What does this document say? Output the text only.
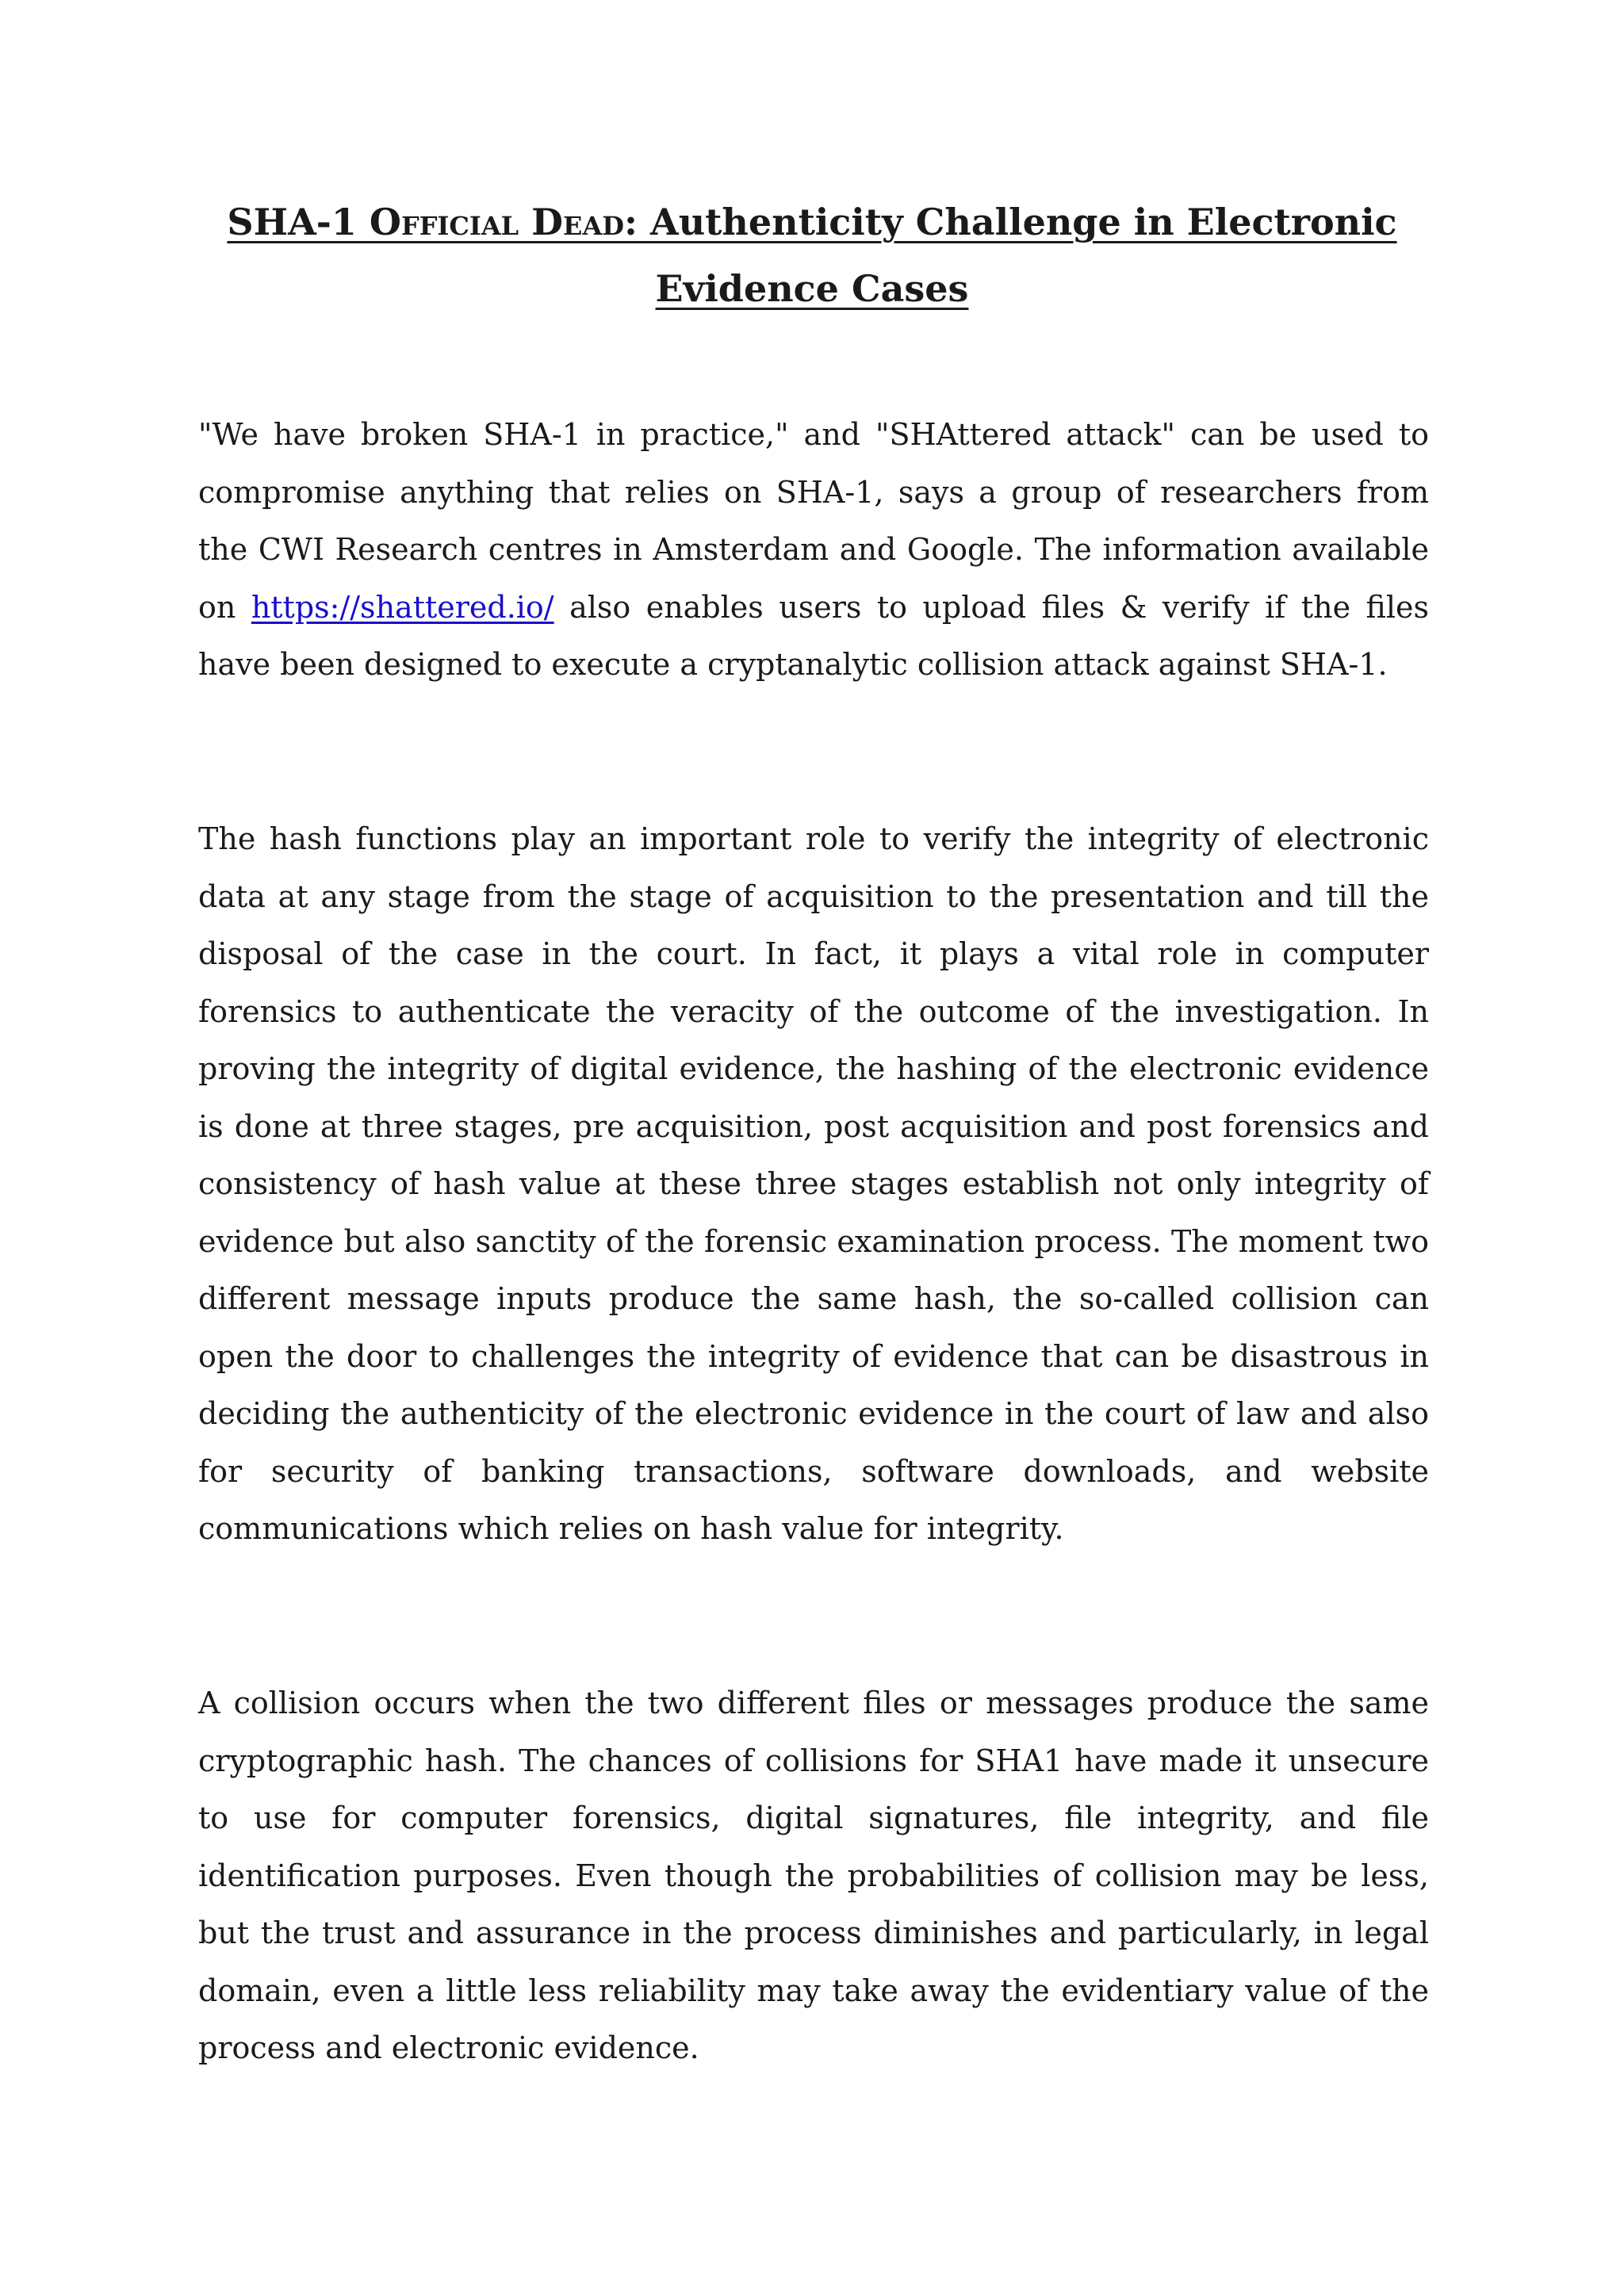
SHA-1 Official Dead: Authenticity Challenge in Electronic Evidence Cases

"We have broken SHA-1 in practice," and "SHAttered attack" can be used to compromise anything that relies on SHA-1, says a group of researchers from the CWI Research centres in Amsterdam and Google. The information available on https://shattered.io/ also enables users to upload files & verify if the files have been designed to execute a cryptanalytic collision attack against SHA-1.

The hash functions play an important role to verify the integrity of electronic data at any stage from the stage of acquisition to the presentation and till the disposal of the case in the court. In fact, it plays a vital role in computer forensics to authenticate the veracity of the outcome of the investigation. In proving the integrity of digital evidence, the hashing of the electronic evidence is done at three stages, pre acquisition, post acquisition and post forensics and consistency of hash value at these three stages establish not only integrity of evidence but also sanctity of the forensic examination process. The moment two different message inputs produce the same hash, the so-called collision can open the door to challenges the integrity of evidence that can be disastrous in deciding the authenticity of the electronic evidence in the court of law and also for security of banking transactions, software downloads, and website communications which relies on hash value for integrity.

A collision occurs when the two different files or messages produce the same cryptographic hash. The chances of collisions for SHA1 have made it unsecure to use for computer forensics, digital signatures, file integrity, and file identification purposes. Even though the probabilities of collision may be less, but the trust and assurance in the process diminishes and particularly, in legal domain, even a little less reliability may take away the evidentiary value of the process and electronic evidence.
